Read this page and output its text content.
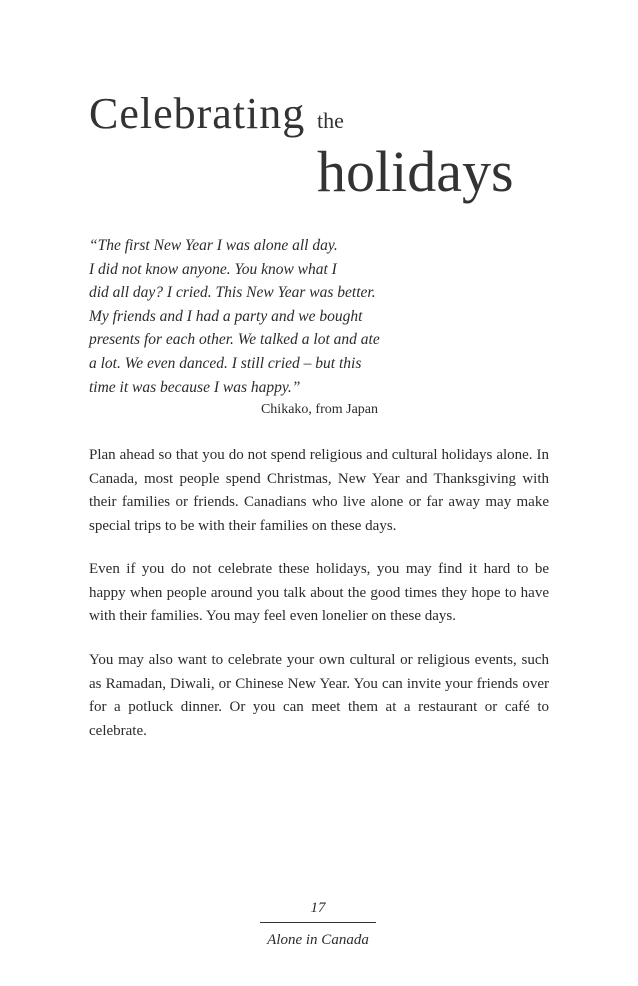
Celebrating the
holidays
“The first New Year I was alone all day.
I did not know anyone. You know what I
did all day? I cried. This New Year was better.
My friends and I had a party and we bought
presents for each other. We talked a lot and ate
a lot. We even danced. I still cried – but this
time it was because I was happy.”
Chikako, from Japan

Plan ahead so that you do not spend religious and cultural holidays alone. In Canada, most people spend Christmas, New Year and Thanksgiving with their families or friends. Canadians who live alone or far away may make special trips to be with their families on these days.

Even if you do not celebrate these holidays, you may find it hard to be happy when people around you talk about the good times they hope to have with their families. You may feel even lonelier on these days.

You may also want to celebrate your own cultural or religious events, such as Ramadan, Diwali, or Chinese New Year. You can invite your friends over for a potluck dinner. Or you can meet them at a restaurant or café to celebrate.

17
Alone in Canada
